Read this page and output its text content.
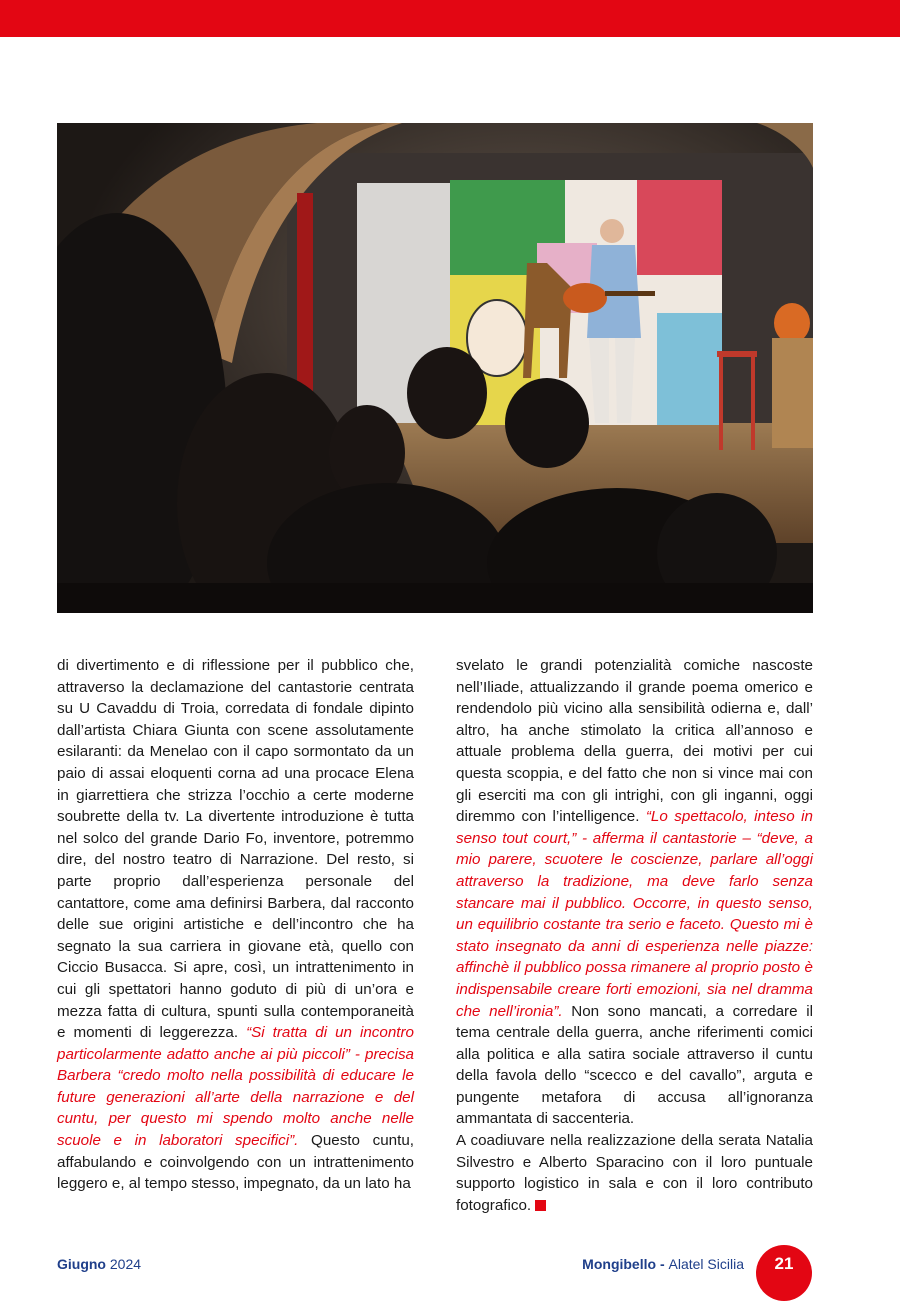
di divertimento e di riflessione per il pubblico che, attraverso la declamazione del cantastorie centrata su U Cavaddu di Troia, corredata di fondale dipinto dall’artista Chiara Giunta con scene assolutamente esilaranti: da Menelao con il capo sormontato da un paio di assai eloquenti corna ad una procace Elena in giarrettiera che strizza l’occhio a certe moderne soubrette della tv. La divertente introduzione è tutta nel solco del grande Dario Fo, inventore, potremmo dire, del nostro teatro di Narrazione. Del resto, si parte proprio dall’esperienza personale del cantattore, come ama definirsi Barbera, dal racconto delle sue origini artistiche e dell’incontro che ha segnato la sua carriera in giovane età, quello con Ciccio Busacca. Si apre, così, un intrattenimento in cui gli spettatori hanno goduto di più di un’ora e mezza fatta di cultura, spunti sulla contemporaneità e momenti di leggerezza. “Si tratta di un incontro particolarmente adatto anche ai più piccoli” - precisa Barbera “credo molto nella possibilità di educare le future generazioni all’arte della narrazione e del cuntu, per questo mi spendo molto anche nelle scuole e in laboratori specifici”. Questo cuntu, affabulando e coinvolgendo con un intrattenimento leggero e, al tempo stesso, impegnato, da un lato ha

svelato le grandi potenzialità comiche nascoste nell’Iliade, attualizzando il grande poema omerico e rendendolo più vicino alla sensibilità odierna e, dall’ altro, ha anche stimolato la critica all’annoso e attuale problema della guerra, dei motivi per cui questa scoppia, e del fatto che non si vince mai con gli eserciti ma con gli intrighi, con gli inganni, oggi diremmo con l’intelligence. “Lo spettacolo, inteso in senso tout court,” - afferma il cantastorie – “deve, a mio parere, scuotere le coscienze, parlare all’oggi attraverso la tradizione, ma deve farlo senza stancare mai il pubblico. Occorre, in questo senso, un equilibrio costante tra serio e faceto. Questo mi è stato insegnato da anni di esperienza nelle piazze: affinchè il pubblico possa rimanere al proprio posto è indispensabile creare forti emozioni, sia nel dramma che nell’ironia”. Non sono mancati, a corredare il tema centrale della guerra, anche riferimenti comici alla politica e alla satira sociale attraverso il cuntu della favola dello “scecco e del cavallo”, arguta e pungente metafora di accusa all’ignoranza ammantata di saccenteria.

A coadiuvare nella realizzazione della serata Natalia Silvestro e Alberto Sparacino con il loro puntuale supporto logistico in sala e con il loro contributo fotografico.

Giugno 2024	Mongibello - Alatel Sicilia	21
